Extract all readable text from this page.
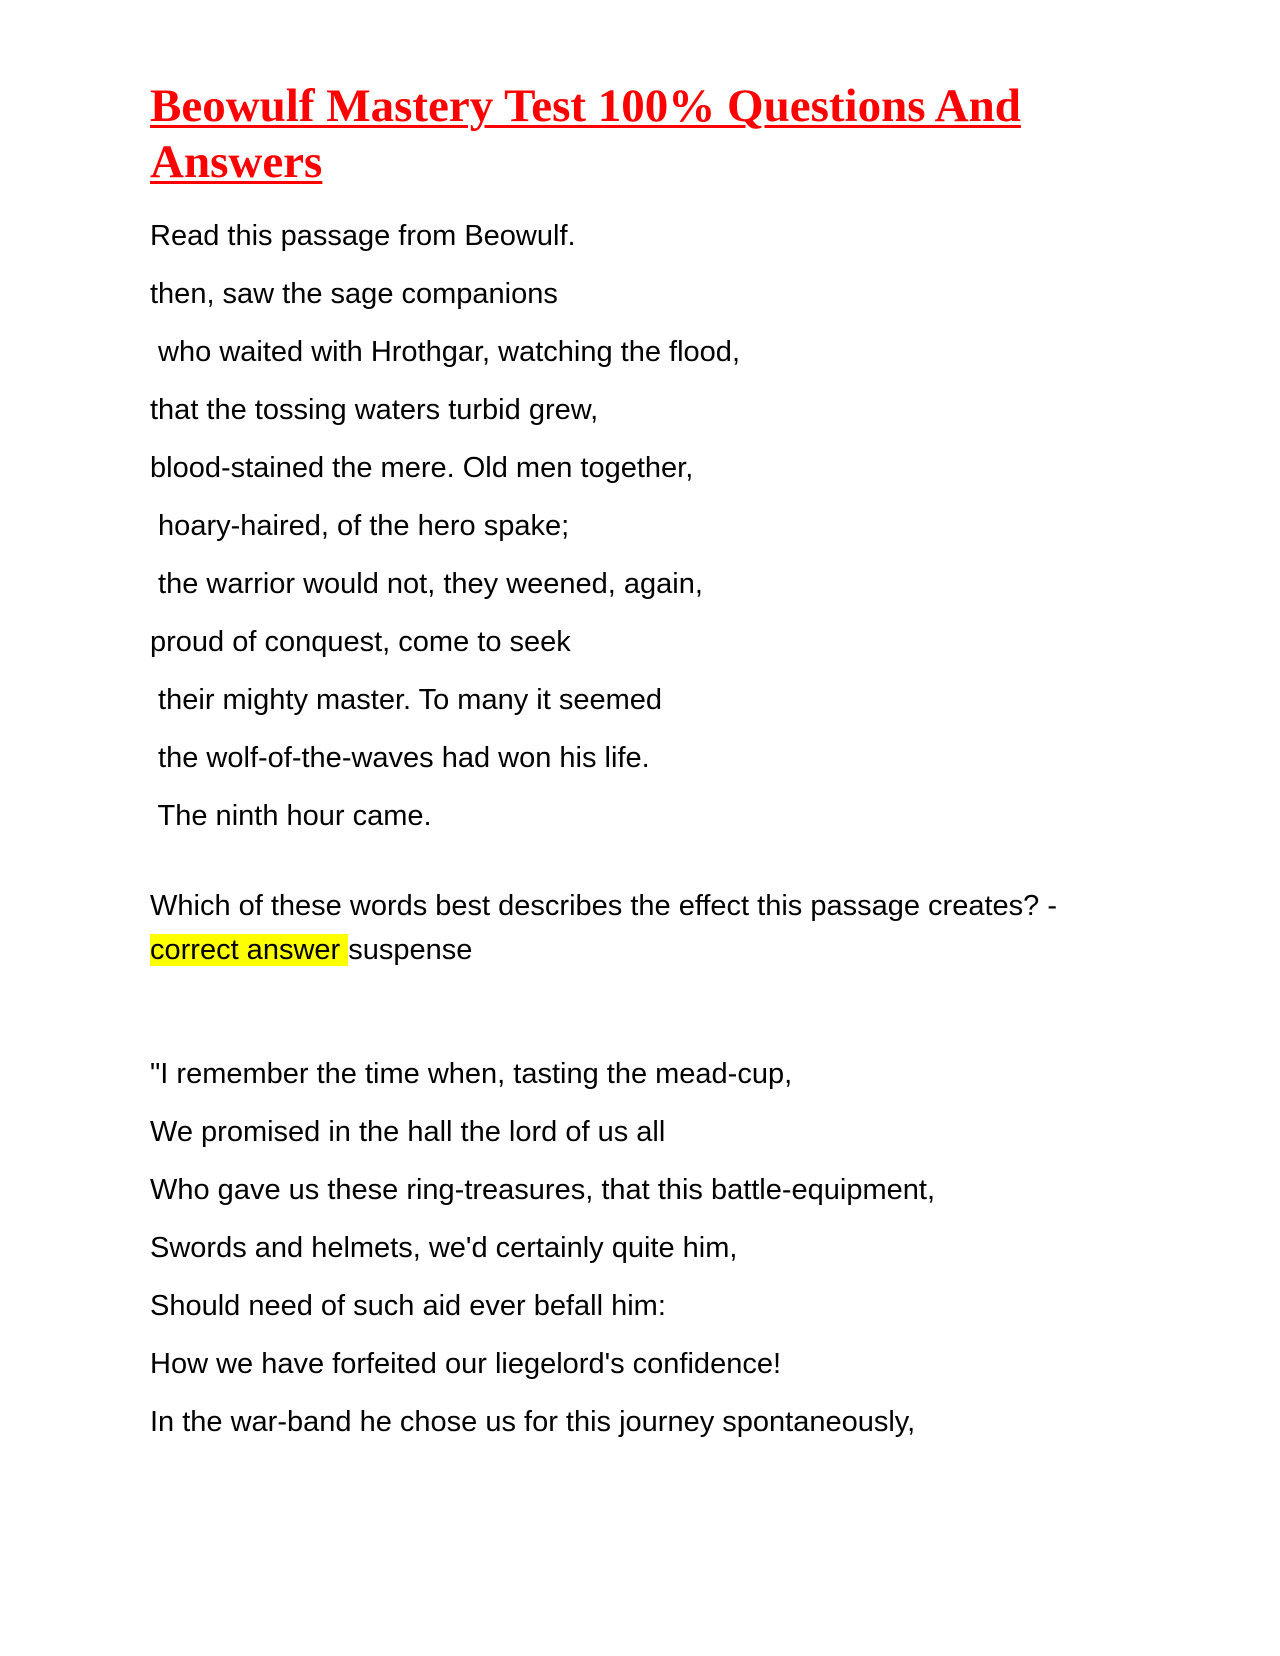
Beowulf Mastery Test 100% Questions And Answers

Read this passage from Beowulf.

then, saw the sage companions

who waited with Hrothgar, watching the flood,

that the tossing waters turbid grew,

blood-stained the mere. Old men together,

hoary-haired, of the hero spake;

the warrior would not, they weened, again,

proud of conquest, come to seek

their mighty master. To many it seemed

the wolf-of-the-waves had won his life.

The ninth hour came.

Which of these words best describes the effect this passage creates? - correct answer suspense

"I remember the time when, tasting the mead-cup,

We promised in the hall the lord of us all

Who gave us these ring-treasures, that this battle-equipment,

Swords and helmets, we'd certainly quite him,

Should need of such aid ever befall him:

How we have forfeited our liegelord's confidence!

In the war-band he chose us for this journey spontaneously,
